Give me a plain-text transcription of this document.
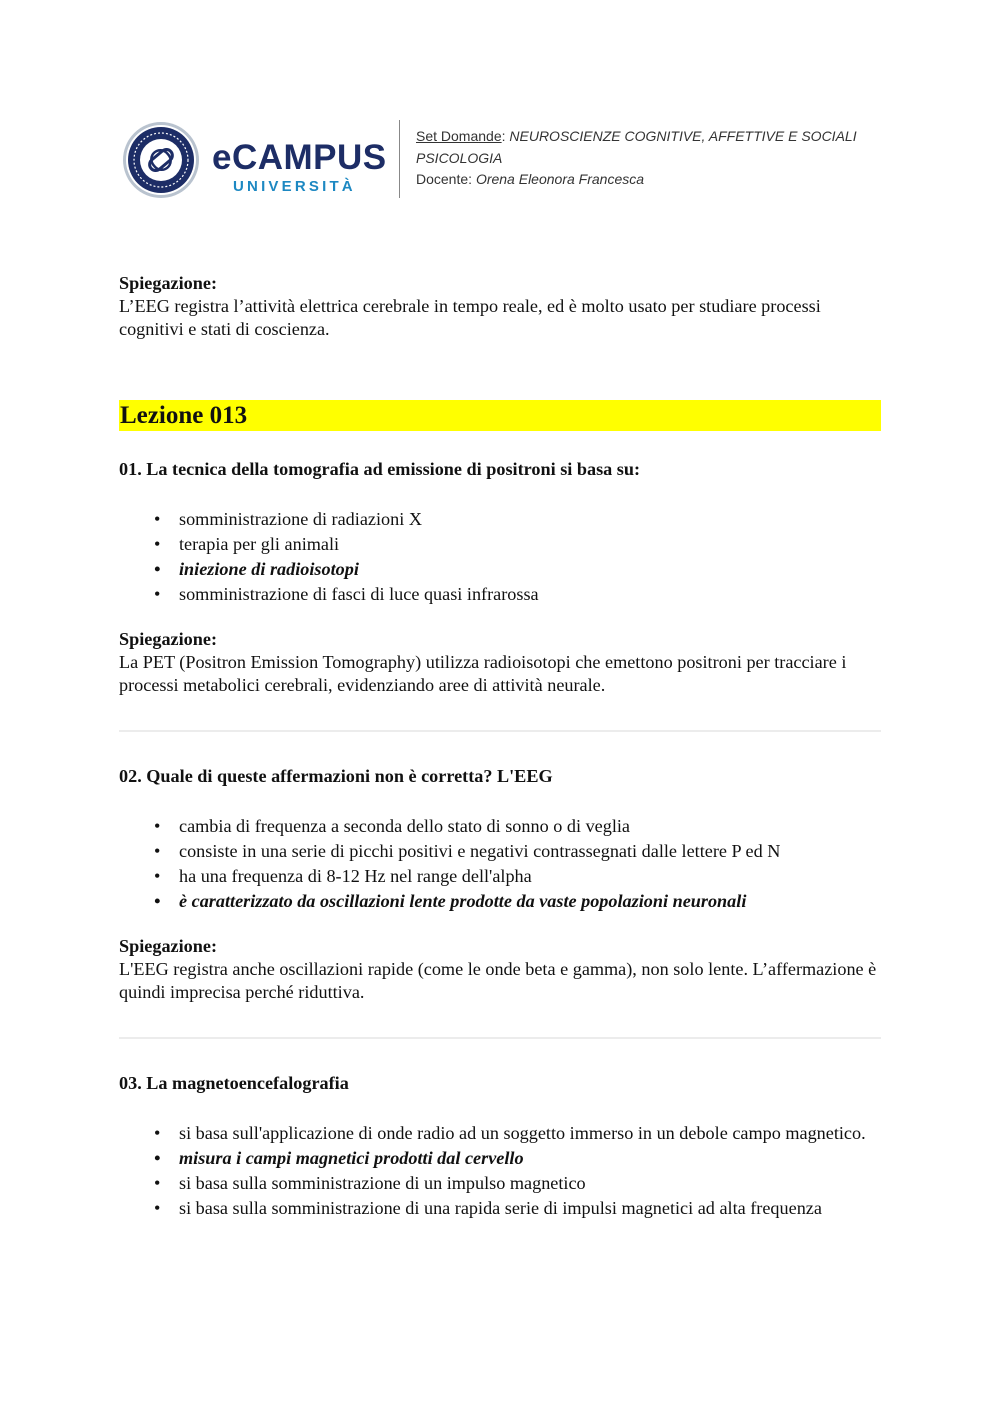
eCAMPUS
UNIVERSITÀ
Set Domande: NEUROSCIENZE COGNITIVE, AFFETTIVE E SOCIALI
PSICOLOGIA
Docente: Orena Eleonora Francesca
Spiegazione:

L’EEG registra l’attività elettrica cerebrale in tempo reale, ed è molto usato per studiare processi cognitivi e stati di coscienza.

Lezione 013
01. La tecnica della tomografia ad emissione di positroni si basa su:
• somministrazione di radiazioni X
• terapia per gli animali
• iniezione di radioisotopi
• somministrazione di fasci di luce quasi infrarossa
Spiegazione:

La PET (Positron Emission Tomography) utilizza radioisotopi che emettono positroni per tracciare i processi metabolici cerebrali, evidenziando aree di attività neurale.

02. Quale di queste affermazioni non è corretta? L'EEG
• cambia di frequenza a seconda dello stato di sonno o di veglia
• consiste in una serie di picchi positivi e negativi contrassegnati dalle lettere P ed N
• ha una frequenza di 8-12 Hz nel range dell'alpha
• è caratterizzato da oscillazioni lente prodotte da vaste popolazioni neuronali
Spiegazione:

L'EEG registra anche oscillazioni rapide (come le onde beta e gamma), non solo lente. L’affermazione è quindi imprecisa perché riduttiva.

03. La magnetoencefalografia
• si basa sull'applicazione di onde radio ad un soggetto immerso in un debole campo magnetico.
• misura i campi magnetici prodotti dal cervello
• si basa sulla somministrazione di un impulso magnetico
• si basa sulla somministrazione di una rapida serie di impulsi magnetici ad alta frequenza
